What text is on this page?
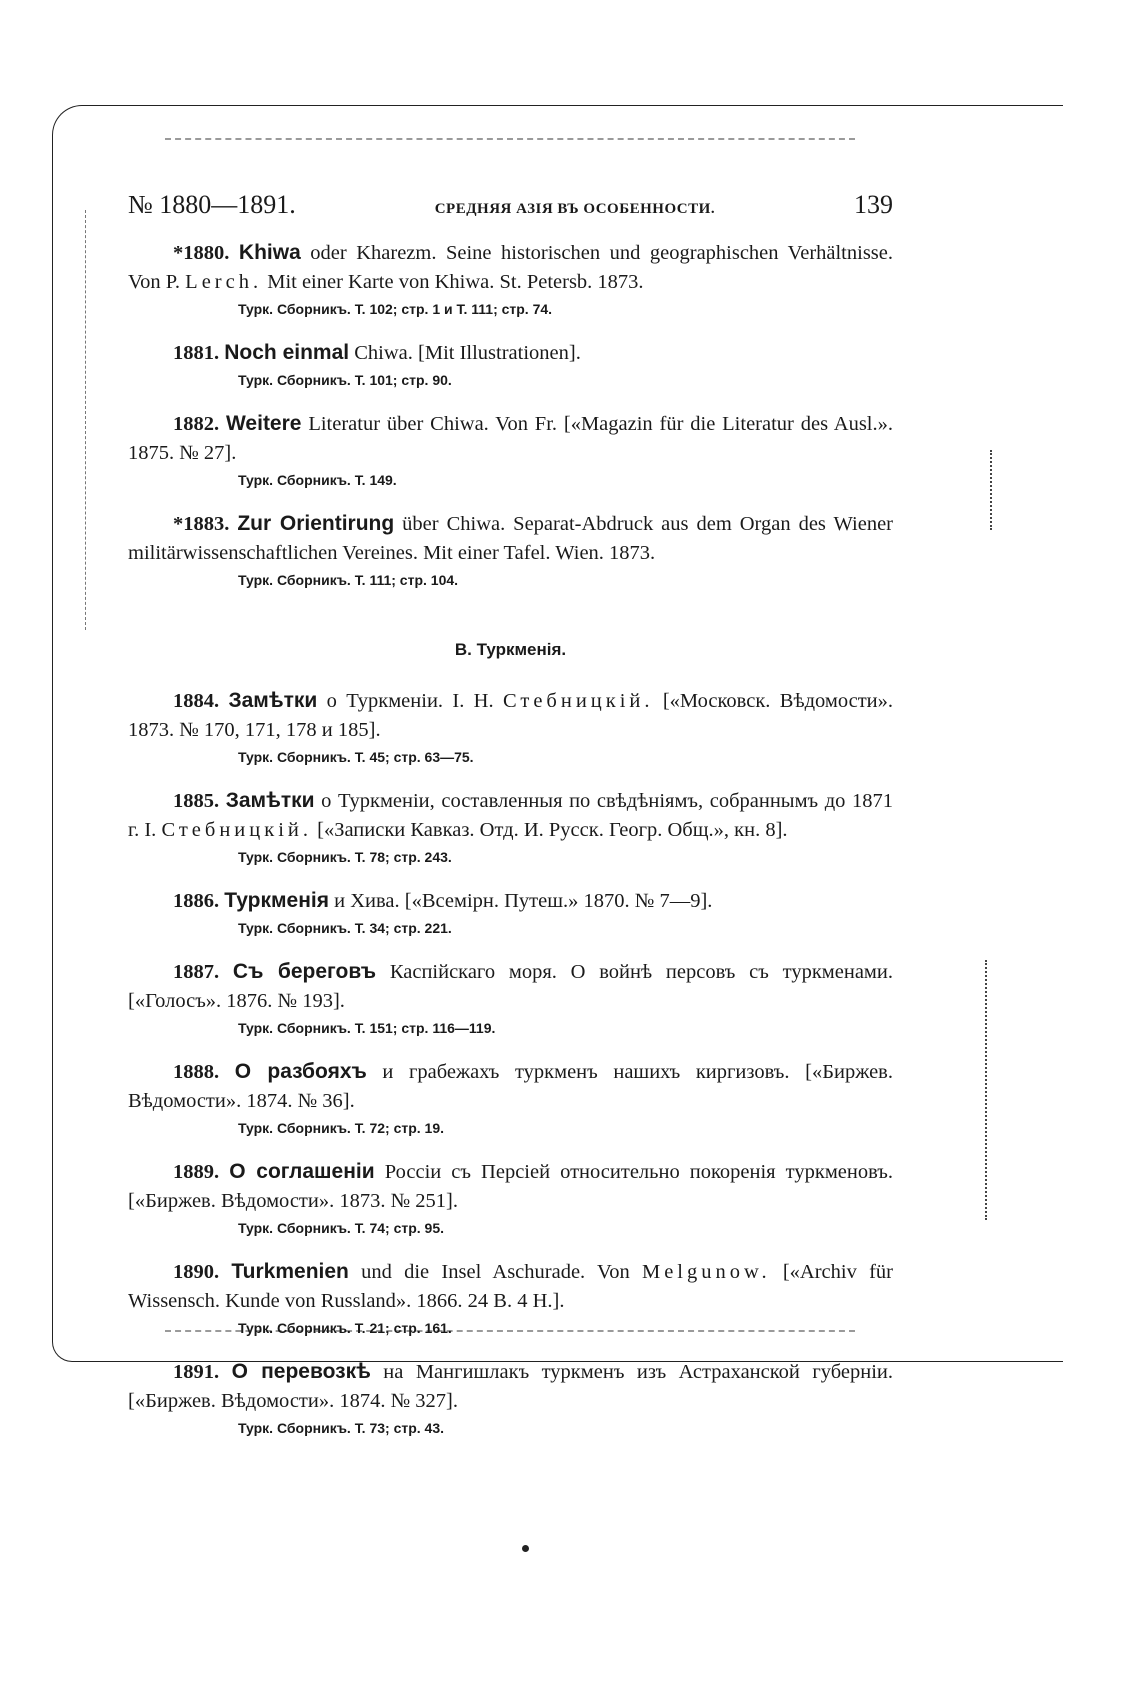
№ 1880—1891.	СРЕДНЯЯ АЗІЯ ВЪ ОСОБЕННОСТИ.	139

*1880. Khiwa oder Kharezm. Seine historischen und geographischen Verhältnisse. Von P. Lerch. Mit einer Karte von Khiwa. St. Petersb. 1873.

Турк. Сборникъ. Т. 102; стр. 1 и Т. 111; стр. 74.

1881. Noch einmal Chiwa. [Mit Illustrationen].

Турк. Сборникъ. Т. 101; стр. 90.

1882. Weitere Literatur über Chiwa. Von Fr. [«Magazin für die Literatur des Ausl.». 1875. № 27].

Турк. Сборникъ. Т. 149.

*1883. Zur Orientirung über Chiwa. Separat-Abdruck aus dem Organ des Wiener militärwissenschaftlichen Vereines. Mit einer Tafel. Wien. 1873.

Турк. Сборникъ. Т. 111; стр. 104.
В. Туркменія.

1884. Замѣтки о Туркменіи. І. Н. Стебницкій. [«Московск. Вѣдомости». 1873. № 170, 171, 178 и 185].

Турк. Сборникъ. Т. 45; стр. 63—75.

1885. Замѣтки о Туркменіи, составленныя по свѣдѣніямъ, собраннымъ до 1871 г. І. Стебницкій. [«Записки Кавказ. Отд. И. Русск. Геогр. Общ.», кн. 8].

Турк. Сборникъ. Т. 78; стр. 243.

1886. Туркменія и Хива. [«Всеміpн. Путеш.» 1870. № 7—9].

Турк. Сборникъ. Т. 34; стр. 221.

1887. Съ береговъ Каспійскаго моря. О войнѣ персовъ съ туркменами. [«Голосъ». 1876. № 193].

Турк. Сборникъ. Т. 151; стр. 116—119.

1888. О разбояхъ и грабежахъ туркменъ нашихъ киргизовъ. [«Биржев. Вѣдомости». 1874. № 36].

Турк. Сборникъ. Т. 72; стр. 19.

1889. О соглашеніи Россіи съ Персіей относительно покоренія туркменовъ. [«Биржев. Вѣдомости». 1873. № 251].

Турк. Сборникъ. Т. 74; стр. 95.

1890. Turkmenien und die Insel Aschurade. Von Melgunow. [«Archiv für Wissensch. Kunde von Russland». 1866. 24 B. 4 H.].

Турк. Сборникъ. Т. 21; стр. 161.

1891. О перевозкѣ на Мангишлакъ туркменъ изъ Астраханской губерніи. [«Биржев. Вѣдомости». 1874. № 327].

Турк. Сборникъ. Т. 73; стр. 43.
